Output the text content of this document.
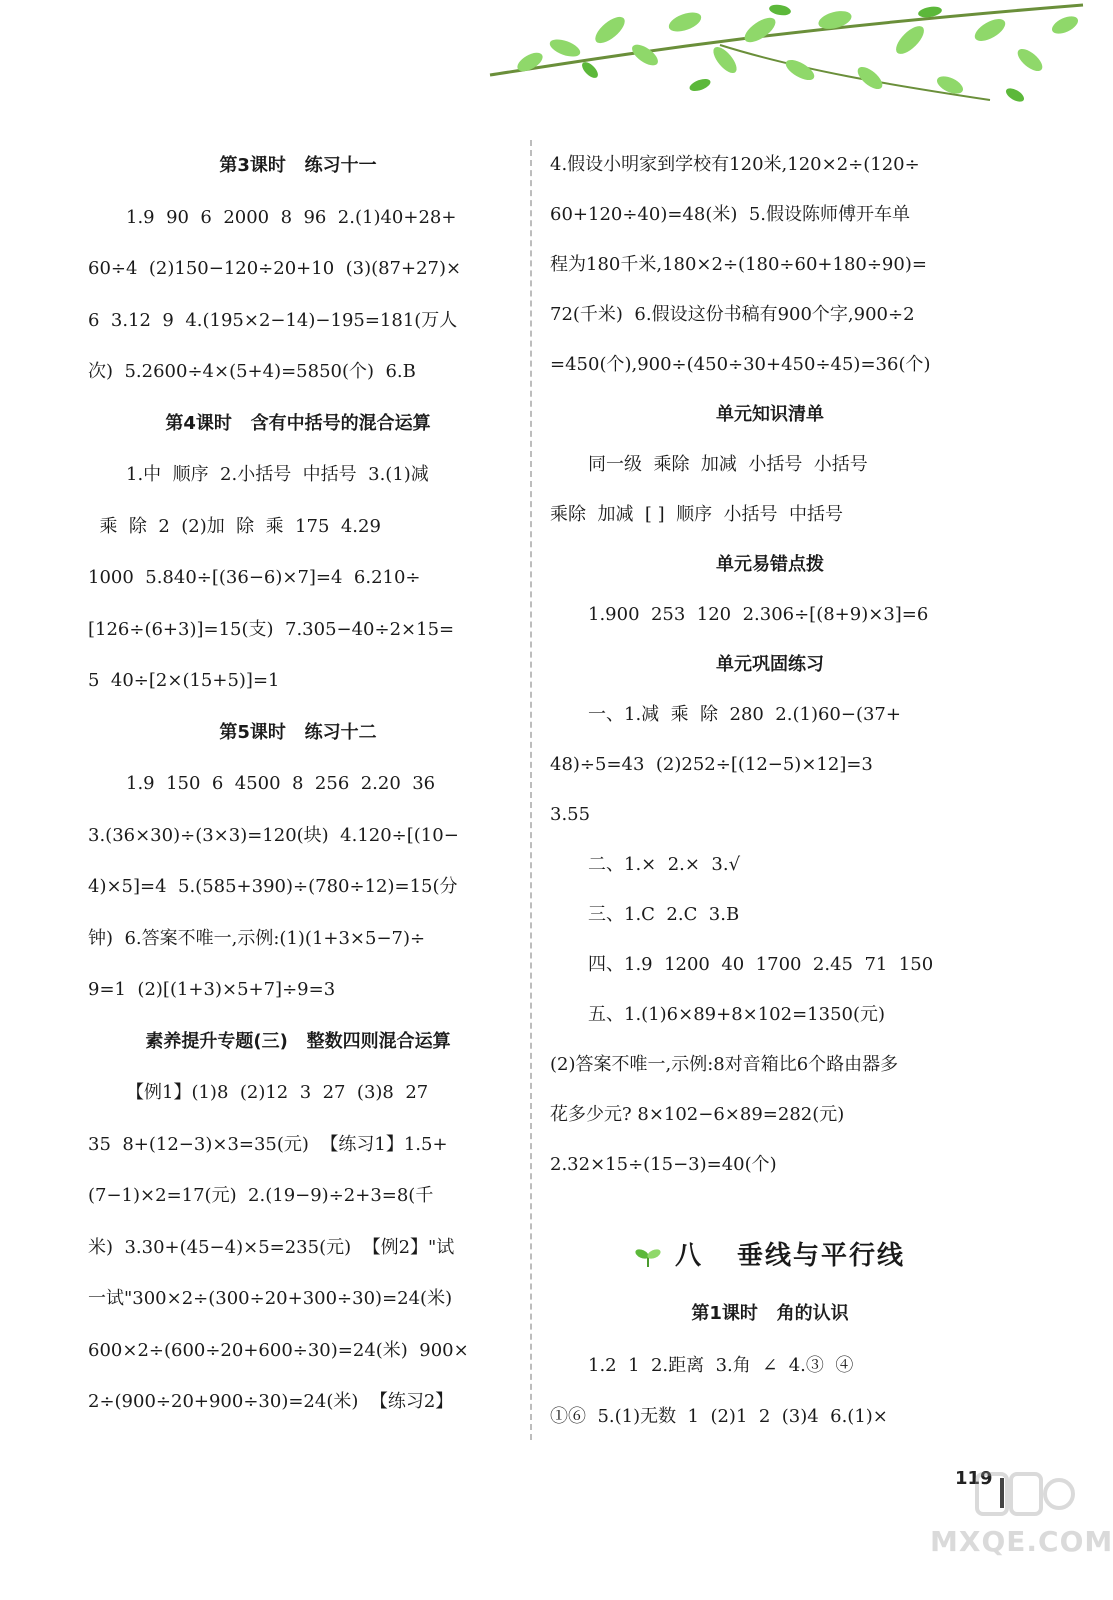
第3课时   练习十一
1.9  90  6  2000  8  96  2.(1)40+28+
60÷4  (2)150−120÷20+10  (3)(87+27)×
6  3.12  9  4.(195×2−14)−195=181(万人
次)  5.2600÷4×(5+4)=5850(个)  6.B
第4课时   含有中括号的混合运算
1.中  顺序  2.小括号  中括号  3.(1)减
乘  除  2  (2)加  除  乘  175  4.29
1000  5.840÷[(36−6)×7]=4  6.210÷
[126÷(6+3)]=15(支)  7.305−40÷2×15=
5  40÷[2×(15+5)]=1
第5课时   练习十二
1.9  150  6  4500  8  256  2.20  36
3.(36×30)÷(3×3)=120(块)  4.120÷[(10−
4)×5]=4  5.(585+390)÷(780÷12)=15(分
钟)  6.答案不唯一,示例:(1)(1+3×5−7)÷
9=1  (2)[(1+3)×5+7]÷9=3
素养提升专题(三)   整数四则混合运算
【例1】(1)8  (2)12  3  27  (3)8  27
35  8+(12−3)×3=35(元)  【练习1】1.5+
(7−1)×2=17(元)  2.(19−9)÷2+3=8(千
米)  3.30+(45−4)×5=235(元)  【例2】"试
一试"300×2÷(300÷20+300÷30)=24(米)
600×2÷(600÷20+600÷30)=24(米)  900×
2÷(900÷20+900÷30)=24(米)  【练习2】
4.假设小明家到学校有120米,120×2÷(120÷
60+120÷40)=48(米)  5.假设陈师傅开车单
程为180千米,180×2÷(180÷60+180÷90)=
72(千米)  6.假设这份书稿有900个字,900÷2
=450(个),900÷(450÷30+450÷45)=36(个)
单元知识清单
同一级  乘除  加减  小括号  小括号
乘除  加减  [ ]  顺序  小括号  中括号
单元易错点拨
1.900  253  120  2.306÷[(8+9)×3]=6
单元巩固练习
一、1.减  乘  除  280  2.(1)60−(37+
48)÷5=43  (2)252÷[(12−5)×12]=3
3.55
二、1.×  2.×  3.√
三、1.C  2.C  3.B
四、1.9  1200  40  1700  2.45  71  150
五、1.(1)6×89+8×102=1350(元)
(2)答案不唯一,示例:8对音箱比6个路由器多
花多少元? 8×102−6×89=282(元)
2.32×15÷(15−3)=40(个)
八 垂线与平行线
第1课时   角的认识
1.2  1  2.距离  3.角  ∠  4.③  ④
①⑥  5.(1)无数  1  (2)1  2  (3)4  6.(1)×
119
MXQE.COM
